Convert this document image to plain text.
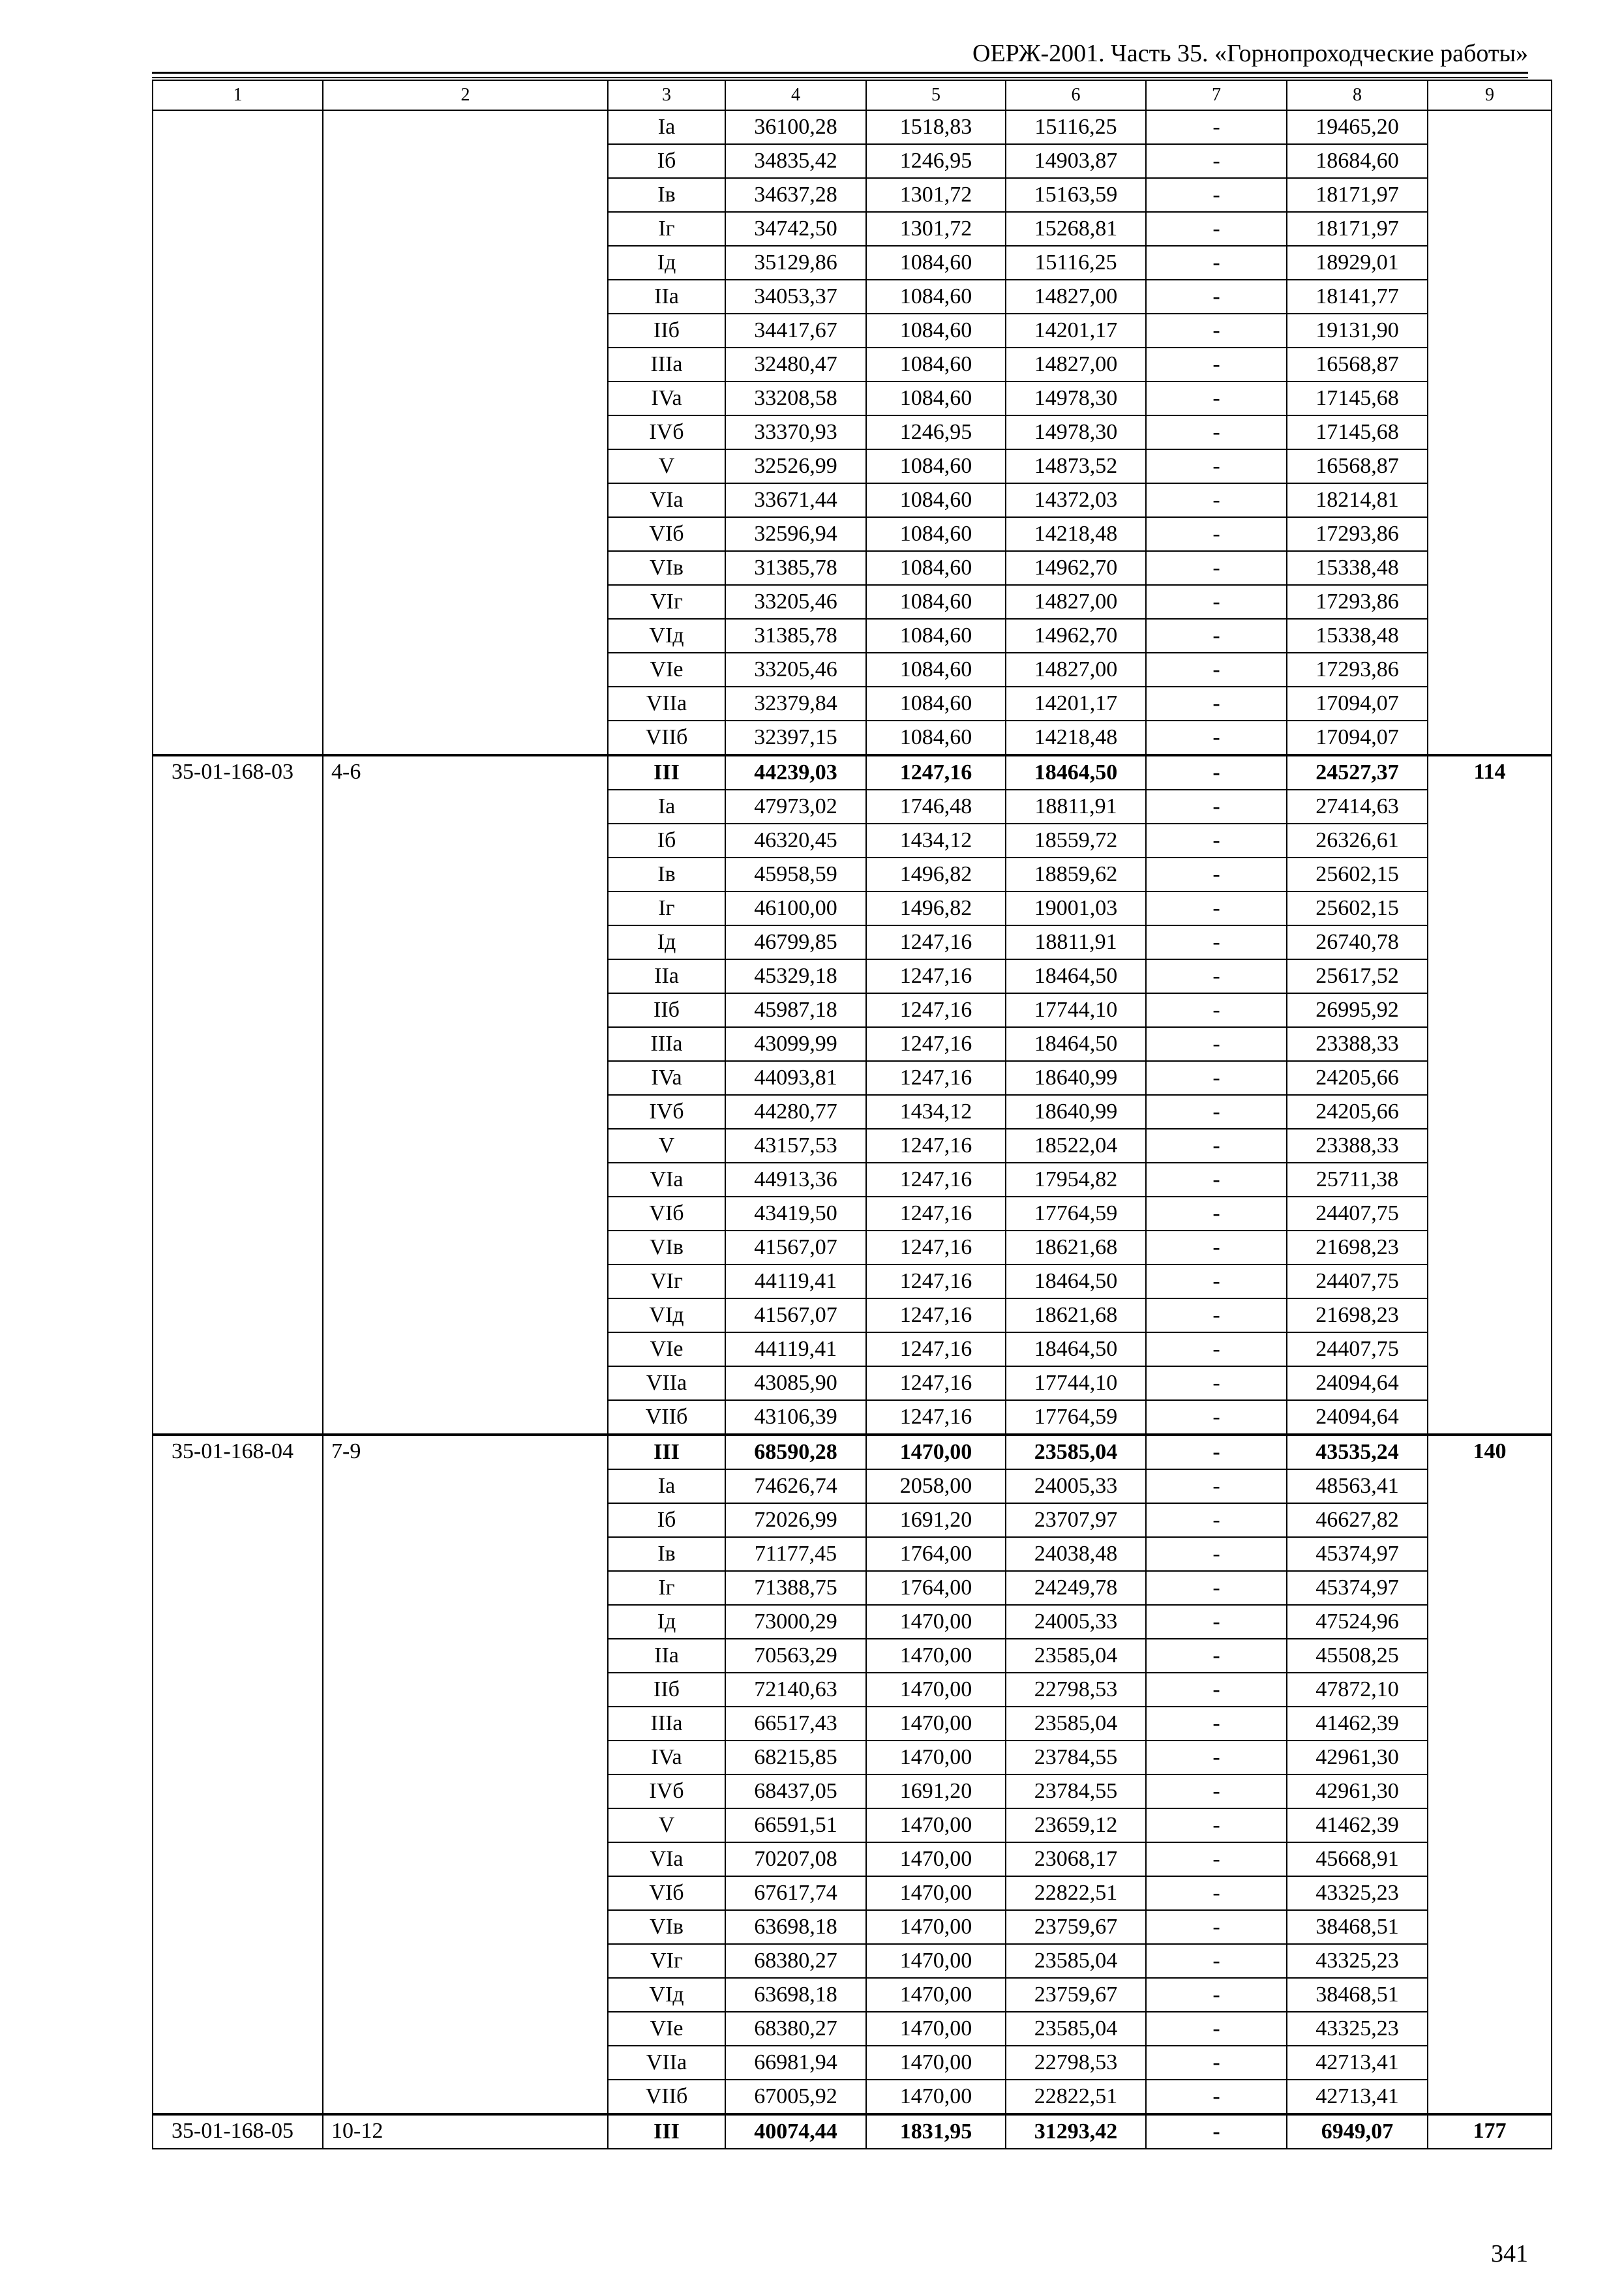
ОЕРЖ-2001. Часть 35. «Горнопроходческие работы»
1	2	3	4	5	6	7	8	9
		Ia	36100,28	1518,83	15116,25	-	19465,20	
		Iб	34835,42	1246,95	14903,87	-	18684,60	
		Iв	34637,28	1301,72	15163,59	-	18171,97	
		Iг	34742,50	1301,72	15268,81	-	18171,97	
		Iд	35129,86	1084,60	15116,25	-	18929,01	
		IIa	34053,37	1084,60	14827,00	-	18141,77	
		IIб	34417,67	1084,60	14201,17	-	19131,90	
		IIIa	32480,47	1084,60	14827,00	-	16568,87	
		IVa	33208,58	1084,60	14978,30	-	17145,68	
		IVб	33370,93	1246,95	14978,30	-	17145,68	
		V	32526,99	1084,60	14873,52	-	16568,87	
		VIa	33671,44	1084,60	14372,03	-	18214,81	
		VIб	32596,94	1084,60	14218,48	-	17293,86	
		VIв	31385,78	1084,60	14962,70	-	15338,48	
		VIг	33205,46	1084,60	14827,00	-	17293,86	
		VIд	31385,78	1084,60	14962,70	-	15338,48	
		VIe	33205,46	1084,60	14827,00	-	17293,86	
		VIIa	32379,84	1084,60	14201,17	-	17094,07	
		VIIб	32397,15	1084,60	14218,48	-	17094,07	
35-01-168-03	4-6	III	44239,03	1247,16	18464,50	-	24527,37	114
		Ia	47973,02	1746,48	18811,91	-	27414,63	
		Iб	46320,45	1434,12	18559,72	-	26326,61	
		Iв	45958,59	1496,82	18859,62	-	25602,15	
		Iг	46100,00	1496,82	19001,03	-	25602,15	
		Iд	46799,85	1247,16	18811,91	-	26740,78	
		IIa	45329,18	1247,16	18464,50	-	25617,52	
		IIб	45987,18	1247,16	17744,10	-	26995,92	
		IIIa	43099,99	1247,16	18464,50	-	23388,33	
		IVa	44093,81	1247,16	18640,99	-	24205,66	
		IVб	44280,77	1434,12	18640,99	-	24205,66	
		V	43157,53	1247,16	18522,04	-	23388,33	
		VIa	44913,36	1247,16	17954,82	-	25711,38	
		VIб	43419,50	1247,16	17764,59	-	24407,75	
		VIв	41567,07	1247,16	18621,68	-	21698,23	
		VIг	44119,41	1247,16	18464,50	-	24407,75	
		VIд	41567,07	1247,16	18621,68	-	21698,23	
		VIe	44119,41	1247,16	18464,50	-	24407,75	
		VIIa	43085,90	1247,16	17744,10	-	24094,64	
		VIIб	43106,39	1247,16	17764,59	-	24094,64	
35-01-168-04	7-9	III	68590,28	1470,00	23585,04	-	43535,24	140
		Ia	74626,74	2058,00	24005,33	-	48563,41	
		Iб	72026,99	1691,20	23707,97	-	46627,82	
		Iв	71177,45	1764,00	24038,48	-	45374,97	
		Iг	71388,75	1764,00	24249,78	-	45374,97	
		Iд	73000,29	1470,00	24005,33	-	47524,96	
		IIa	70563,29	1470,00	23585,04	-	45508,25	
		IIб	72140,63	1470,00	22798,53	-	47872,10	
		IIIa	66517,43	1470,00	23585,04	-	41462,39	
		IVa	68215,85	1470,00	23784,55	-	42961,30	
		IVб	68437,05	1691,20	23784,55	-	42961,30	
		V	66591,51	1470,00	23659,12	-	41462,39	
		VIa	70207,08	1470,00	23068,17	-	45668,91	
		VIб	67617,74	1470,00	22822,51	-	43325,23	
		VIв	63698,18	1470,00	23759,67	-	38468,51	
		VIг	68380,27	1470,00	23585,04	-	43325,23	
		VIд	63698,18	1470,00	23759,67	-	38468,51	
		VIe	68380,27	1470,00	23585,04	-	43325,23	
		VIIa	66981,94	1470,00	22798,53	-	42713,41	
		VIIб	67005,92	1470,00	22822,51	-	42713,41	
35-01-168-05	10-12	III	40074,44	1831,95	31293,42	-	6949,07	177
341
